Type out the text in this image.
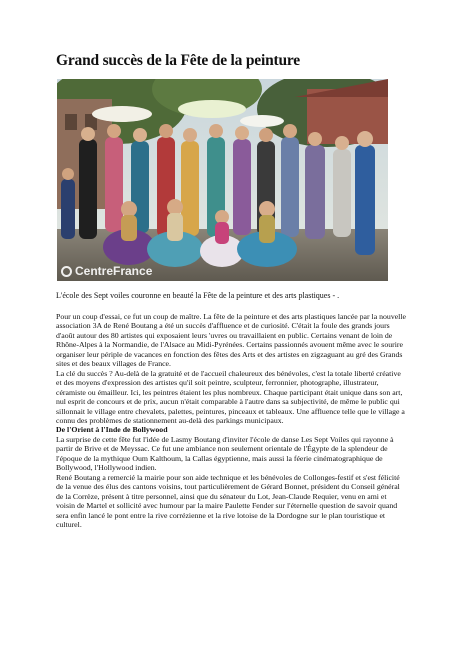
Grand succès de la Fête de la peinture
CentreFrance
L'école des Sept voiles couronne en beauté la Fête de la peinture et des arts plastiques - .

Pour un coup d'essai, ce fut un coup de maître. La fête de la peinture et des arts plastiques lancée par la nouvelle association 3A de René Boutang a été un succès d'affluence et de curiosité. C'était la foule des grands jours d'août autour des 80 artistes qui exposaient leurs 'uvres ou travaillaient en public. Certains venant de loin de Rhône-Alpes à la Normandie, de l'Alsace au Midi-Pyrénées. Certains passionnés avouent même avec le sourire organiser leur périple de vacances en fonction des fêtes des Arts et des artistes en zigzaguant au gré des Grands sites et des beaux villages de France.

La clé du succès ? Au-delà de la gratuité et de l'accueil chaleureux des bénévoles, c'est la totale liberté créative et des moyens d'expression des artistes qu'il soit peintre, sculpteur, ferronnier, photographe, illustrateur, céramiste ou émailleur. Ici, les peintres étaient les plus nombreux. Chaque participant était unique dans son art, nul esprit de concours et de prix, aucun n'était comparable à l'autre dans sa subjectivité, de même le public qui sillonnait le village entre chevalets, palettes, peintures, pinceaux et tableaux. Une affluence telle que le village a connu des problèmes de stationnement au-delà des parkings municipaux.

De l'Orient à l'Inde de Bollywood

La surprise de cette fête fut l'idée de Lasmy Boutang d'inviter l'école de danse Les Sept Voiles qui rayonne à partir de Brive et de Meyssac. Ce fut une ambiance non seulement orientale de l'Égypte de la splendeur de l'époque de la mythique Oum Kalthoum, la Callas égyptienne, mais aussi la féerie cinématographique de Bollywood, l'Hollywood indien.

René Boutang a remercié la mairie pour son aide technique et les bénévoles de Collonges-festif et s'est félicité de la venue des élus des cantons voisins, tout particulièrement de Gérard Bonnet, président du Conseil général de la Corrèze, présent à titre personnel, ainsi que du sénateur du Lot, Jean-Claude Requier, venu en ami et voisin de Martel et sollicité avec humour par la maire Paulette Fender sur l'éternelle question de savoir quand sera enfin lancé le pont entre la rive corrézienne et la rive lotoise de la Dordogne sur le plan touristique et culturel.
